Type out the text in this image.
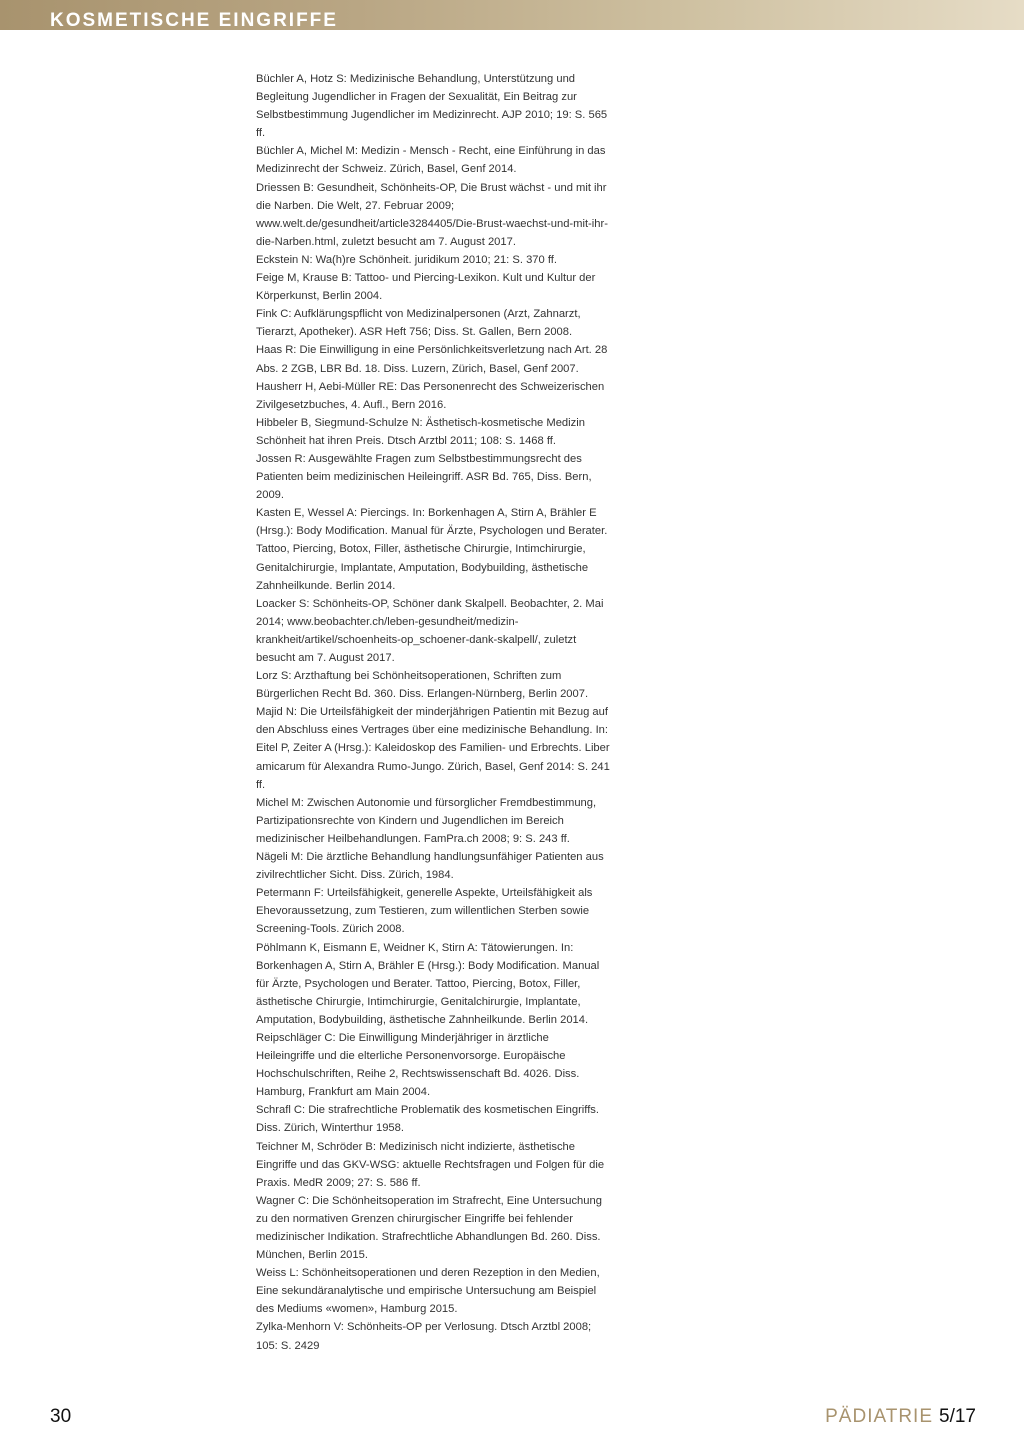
KOSMETISCHE EINGRIFFE

Büchler A, Hotz S: Medizinische Behandlung, Unterstützung und Begleitung Jugendlicher in Fragen der Sexualität, Ein Beitrag zur Selbstbestimmung Jugendlicher im Medizinrecht. AJP 2010; 19: S. 565 ff.

Büchler A, Michel M: Medizin - Mensch - Recht, eine Einführung in das Medizinrecht der Schweiz. Zürich, Basel, Genf 2014.

Driessen B: Gesundheit, Schönheits-OP, Die Brust wächst - und mit ihr die Narben. Die Welt, 27. Februar 2009; www.welt.de/gesundheit/article3284405/Die-Brust-waechst-und-mit-ihr-die-Narben.html, zuletzt besucht am 7. August 2017.

Eckstein N: Wa(h)re Schönheit. juridikum 2010; 21: S. 370 ff.

Feige M, Krause B: Tattoo- und Piercing-Lexikon. Kult und Kultur der Körperkunst, Berlin 2004.

Fink C: Aufklärungspflicht von Medizinalpersonen (Arzt, Zahnarzt, Tierarzt, Apotheker). ASR Heft 756; Diss. St. Gallen, Bern 2008.

Haas R: Die Einwilligung in eine Persönlichkeitsverletzung nach Art. 28 Abs. 2 ZGB, LBR Bd. 18. Diss. Luzern, Zürich, Basel, Genf 2007.

Hausherr H, Aebi-Müller RE: Das Personenrecht des Schweizerischen Zivilgesetzbuches, 4. Aufl., Bern 2016.

Hibbeler B, Siegmund-Schulze N: Ästhetisch-kosmetische Medizin Schönheit hat ihren Preis. Dtsch Arztbl 2011; 108: S. 1468 ff.

Jossen R: Ausgewählte Fragen zum Selbstbestimmungsrecht des Patienten beim medizinischen Heileingriff. ASR Bd. 765, Diss. Bern, 2009.

Kasten E, Wessel A: Piercings. In: Borkenhagen A, Stirn A, Brähler E (Hrsg.): Body Modification. Manual für Ärzte, Psychologen und Berater. Tattoo, Piercing, Botox, Filler, ästhetische Chirurgie, Intimchirurgie, Genitalchirurgie, Implantate, Amputation, Bodybuilding, ästhetische Zahnheilkunde. Berlin 2014.

Loacker S: Schönheits-OP, Schöner dank Skalpell. Beobachter, 2. Mai 2014; www.beobachter.ch/leben-gesundheit/medizin-krankheit/artikel/schoenheits-op_schoener-dank-skalpell/, zuletzt besucht am 7. August 2017.

Lorz S: Arzthaftung bei Schönheitsoperationen, Schriften zum Bürgerlichen Recht Bd. 360. Diss. Erlangen-Nürnberg, Berlin 2007.

Majid N: Die Urteilsfähigkeit der minderjährigen Patientin mit Bezug auf den Abschluss eines Vertrages über eine medizinische Behandlung. In: Eitel P, Zeiter A (Hrsg.): Kaleidoskop des Familien- und Erbrechts. Liber amicarum für Alexandra Rumo-Jungo. Zürich, Basel, Genf 2014: S. 241 ff.

Michel M: Zwischen Autonomie und fürsorglicher Fremdbestimmung, Partizipationsrechte von Kindern und Jugendlichen im Bereich medizinischer Heilbehandlungen. FamPra.ch 2008; 9: S. 243 ff.

Nägeli M: Die ärztliche Behandlung handlungsunfähiger Patienten aus zivilrechtlicher Sicht. Diss. Zürich, 1984.

Petermann F: Urteilsfähigkeit, generelle Aspekte, Urteilsfähigkeit als Ehevoraussetzung, zum Testieren, zum willentlichen Sterben sowie Screening-Tools. Zürich 2008.

Pöhlmann K, Eismann E, Weidner K, Stirn A: Tätowierungen. In: Borkenhagen A, Stirn A, Brähler E (Hrsg.): Body Modification. Manual für Ärzte, Psychologen und Berater. Tattoo, Piercing, Botox, Filler, ästhetische Chirurgie, Intimchirurgie, Genitalchirurgie, Implantate, Amputation, Bodybuilding, ästhetische Zahnheilkunde. Berlin 2014.

Reipschläger C: Die Einwilligung Minderjähriger in ärztliche Heileingriffe und die elterliche Personenvorsorge. Europäische Hochschulschriften, Reihe 2, Rechtswissenschaft Bd. 4026. Diss. Hamburg, Frankfurt am Main 2004.

Schrafl C: Die strafrechtliche Problematik des kosmetischen Eingriffs. Diss. Zürich, Winterthur 1958.

Teichner M, Schröder B: Medizinisch nicht indizierte, ästhetische Eingriffe und das GKV-WSG: aktuelle Rechtsfragen und Folgen für die Praxis. MedR 2009; 27: S. 586 ff.

Wagner C: Die Schönheitsoperation im Strafrecht, Eine Untersuchung zu den normativen Grenzen chirurgischer Eingriffe bei fehlender medizinischer Indikation. Strafrechtliche Abhandlungen Bd. 260. Diss. München, Berlin 2015.

Weiss L: Schönheitsoperationen und deren Rezeption in den Medien, Eine sekundäranalytische und empirische Untersuchung am Beispiel des Mediums «women», Hamburg 2015.

Zylka-Menhorn V: Schönheits-OP per Verlosung. Dtsch Arztbl 2008; 105: S. 2429

30	PÄDIATRIE 5/17
